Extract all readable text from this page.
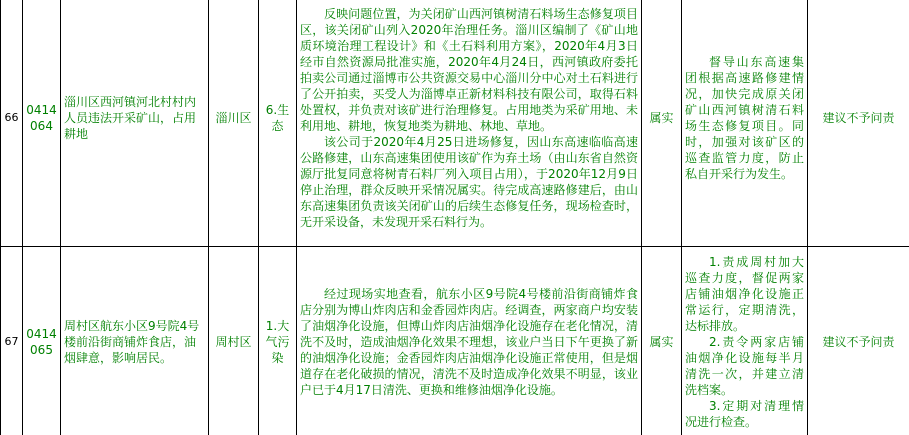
66	0414064	淄川区西河镇河北村村内人员违法开采矿山，占用耕地	淄川区	6.生态	反映问题位置，为关闭矿山西河镇树清石料场生态修复项目区，该关闭矿山列入2020年治理任务。淄川区编制了《矿山地质环境治理工程设计》和《土石料利用方案》，2020年4月3日经市自然资源局批准实施，2020年4月24日，西河镇政府委托拍卖公司通过淄博市公共资源交易中心淄川分中心对土石料进行了公开拍卖，买受人为淄博卓正新材料科技有限公司，取得石料处置权，并负责对该矿进行治理修复。占用地类为采矿用地、未利用地、耕地，恢复地类为耕地、林地、草地。
该公司于2020年4月25日进场修复，因山东高速临临高速公路修建，山东高速集团使用该矿作为弃土场（由山东省自然资源厅批复同意将树青石料厂列入项目占用），于2020年12月9日停止治理，群众反映开采情况属实。待完成高速路修建后，由山东高速集团负责该关闭矿山的后续生态修复任务，现场检查时，无开采设备，未发现开采石料行为。	属实	督导山东高速集团根据高速路修建情况，加快完成原关闭矿山西河镇树清石料场生态修复项目。同时，加强对该矿区的巡查监管力度，防止私自开采行为发生。	建议不予问责
67	0414065	周村区航东小区9号院4号楼前沿街商铺炸食店，油烟肆意，影响居民。	周村区	1.大气污染	经过现场实地查看，航东小区9号院4号楼前沿街商铺炸食店分别为博山炸肉店和金香园炸肉店。经调查，两家商户均安装了油烟净化设施，但博山炸肉店油烟净化设施存在老化情况，清洗不及时，造成油烟净化效果不理想，该业户当日下午更换了新的油烟净化设施；金香园炸肉店油烟净化设施正常使用，但是烟道存在老化破损的情况，清洗不及时造成净化效果不明显，该业户已于4月17日清洗、更换和维修油烟净化设施。	属实	1.责成周村加大巡查力度，督促两家店铺油烟净化设施正常运行，定期清洗，达标排放。
2.责令两家店铺油烟净化设施每半月清洗一次，并建立清洗档案。
3.定期对清理情况进行检查。	建议不予问责
